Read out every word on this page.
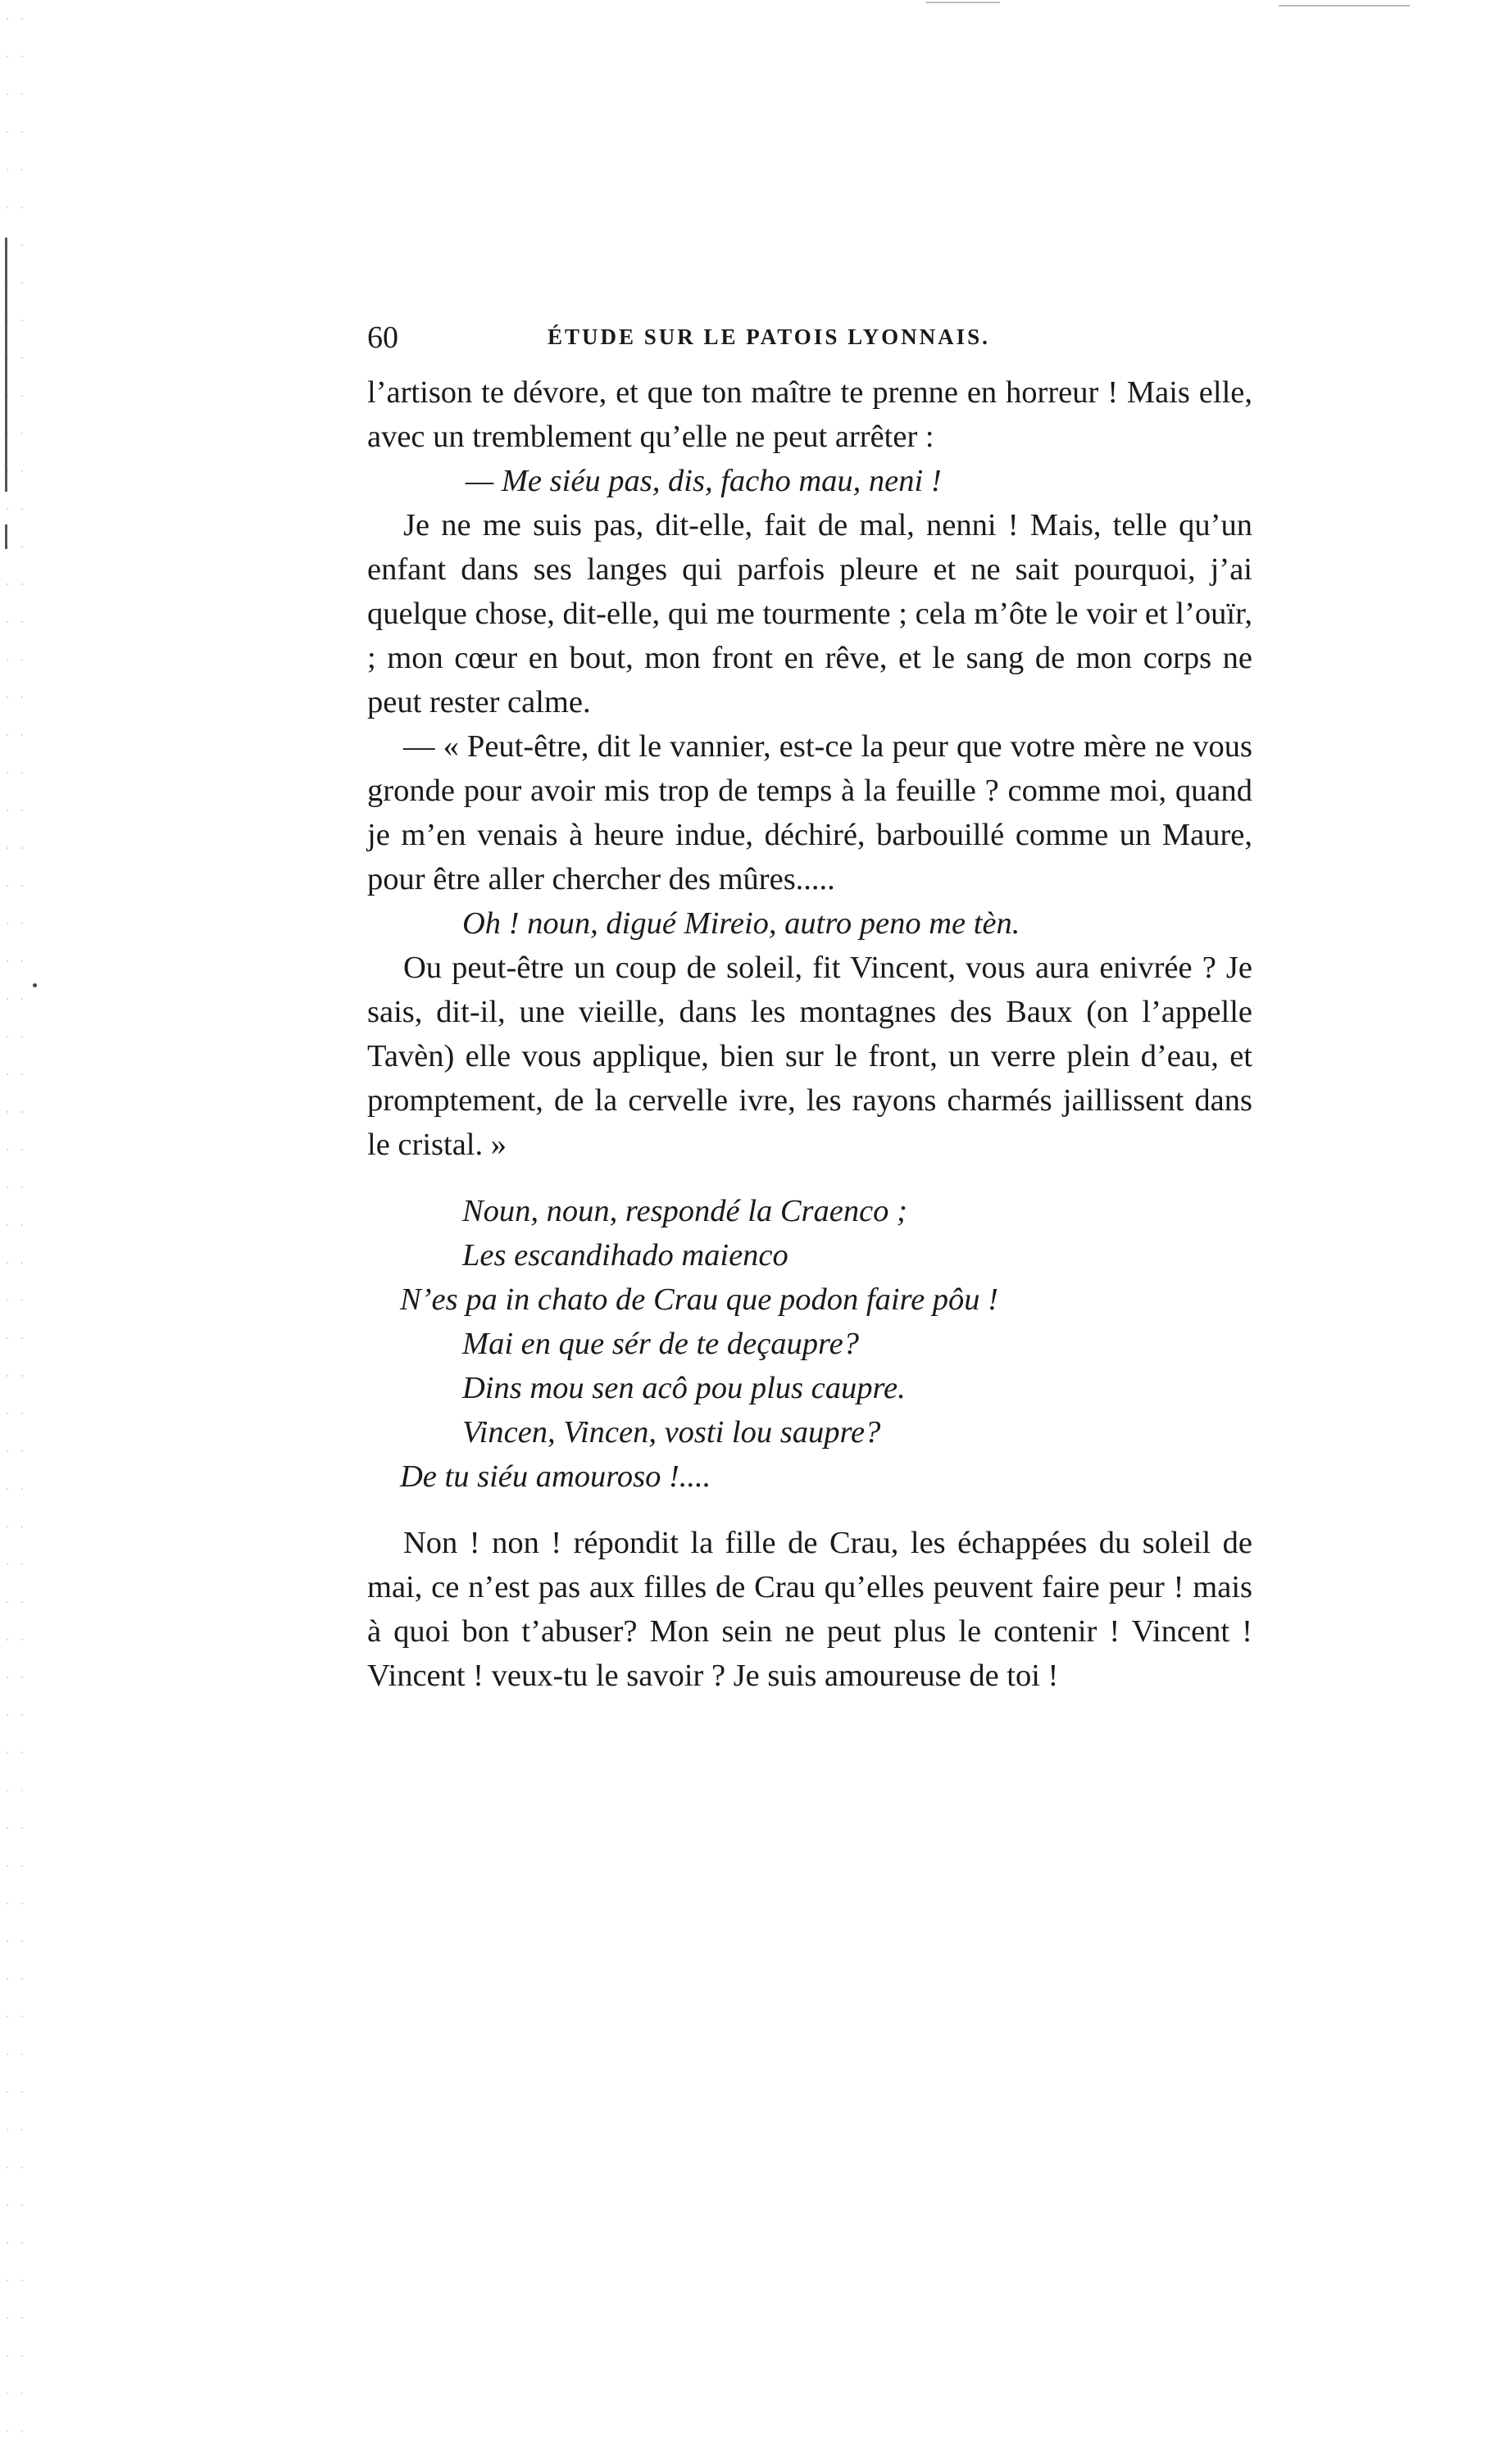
60	ÉTUDE SUR LE PATOIS LYONNAIS.

l’artison te dévore, et que ton maître te prenne en horreur ! Mais elle, avec un tremblement qu’elle ne peut arrêter :

— Me siéu pas, dis, facho mau, neni !

Je ne me suis pas, dit-elle, fait de mal, nenni ! Mais, telle qu’un enfant dans ses langes qui parfois pleure et ne sait pourquoi, j’ai quelque chose, dit-elle, qui me tourmente ; cela m’ôte le voir et l’ouïr, ; mon cœur en bout, mon front en rêve, et le sang de mon corps ne peut rester calme.

— « Peut-être, dit le vannier, est-ce la peur que votre mère ne vous gronde pour avoir mis trop de temps à la feuille ? comme moi, quand je m’en venais à heure indue, déchiré, barbouillé comme un Maure, pour être aller chercher des mûres.....

Oh ! noun, digué Mireio, autro peno me tèn.

Ou peut-être un coup de soleil, fit Vincent, vous aura enivrée ? Je sais, dit-il, une vieille, dans les montagnes des Baux (on l’appelle Tavèn) elle vous applique, bien sur le front, un verre plein d’eau, et promptement, de la cervelle ivre, les rayons charmés jaillissent dans le cristal. »

Noun, noun, respondé la Craenco ;
Les escandihado maienco
N’es pa in chato de Crau que podon faire pôu !
Mai en que sér de te deçaupre?
Dins mou sen acô pou plus caupre.
Vincen, Vincen, vosti lou saupre?
De tu siéu amouroso !....

Non ! non ! répondit la fille de Crau, les échappées du soleil de mai, ce n’est pas aux filles de Crau qu’elles peuvent faire peur ! mais à quoi bon t’abuser? Mon sein ne peut plus le contenir ! Vincent ! Vincent ! veux-tu le savoir ? Je suis amoureuse de toi !
